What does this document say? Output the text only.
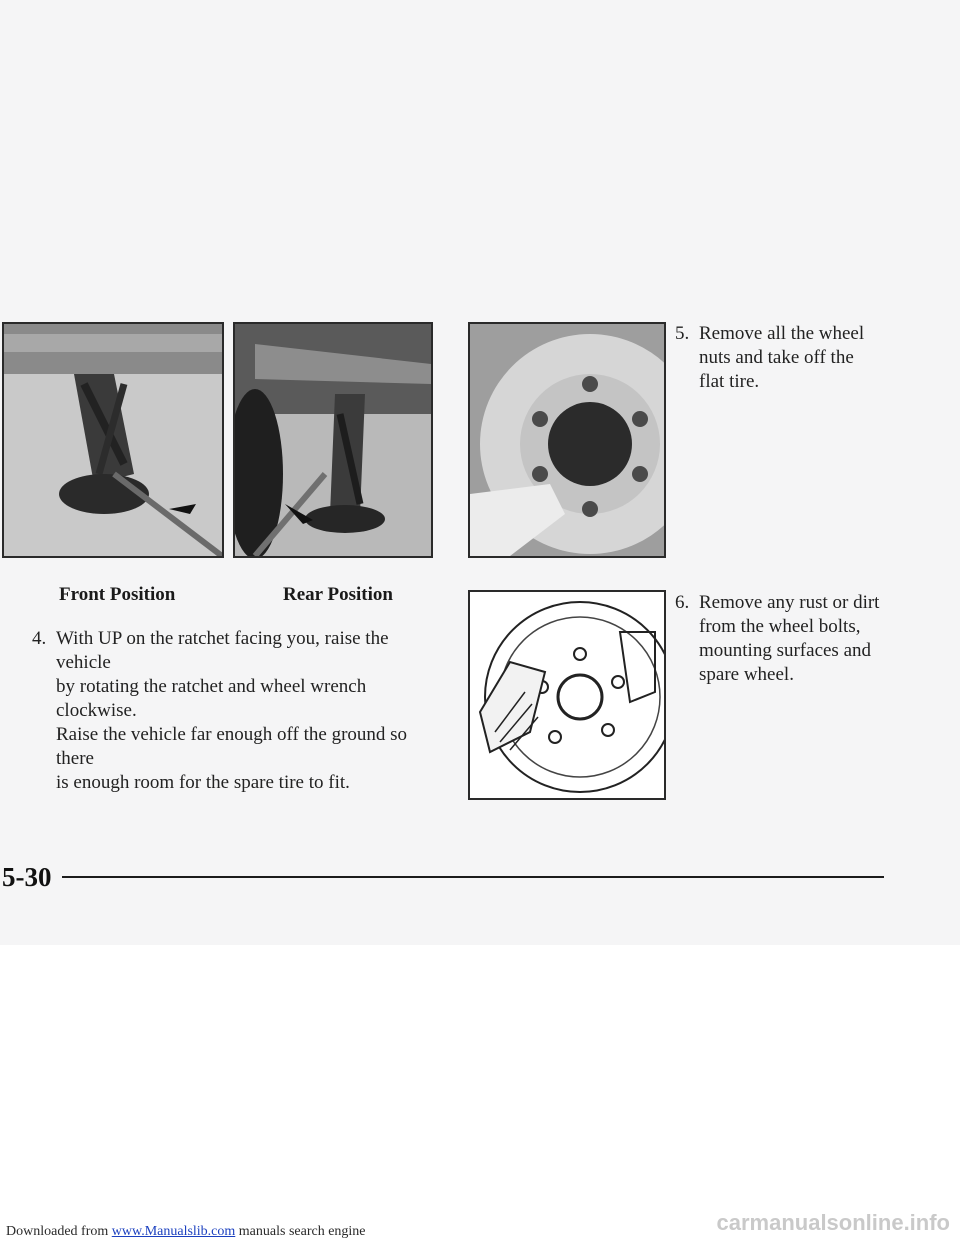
Front Position	Rear Position
4. With UP on the ratchet facing you, raise the vehicle

by rotating the ratchet and wheel wrench clockwise.

Raise the vehicle far enough off the ground so there

is enough room for the spare tire to fit.

5. Remove all the wheel

nuts and take off the

flat tire.

6. Remove any rust or dirt

from the wheel bolts,

mounting surfaces and

spare wheel.

5-30
Downloaded from www.Manualslib.com manuals search engine	carmanualsonline.info
